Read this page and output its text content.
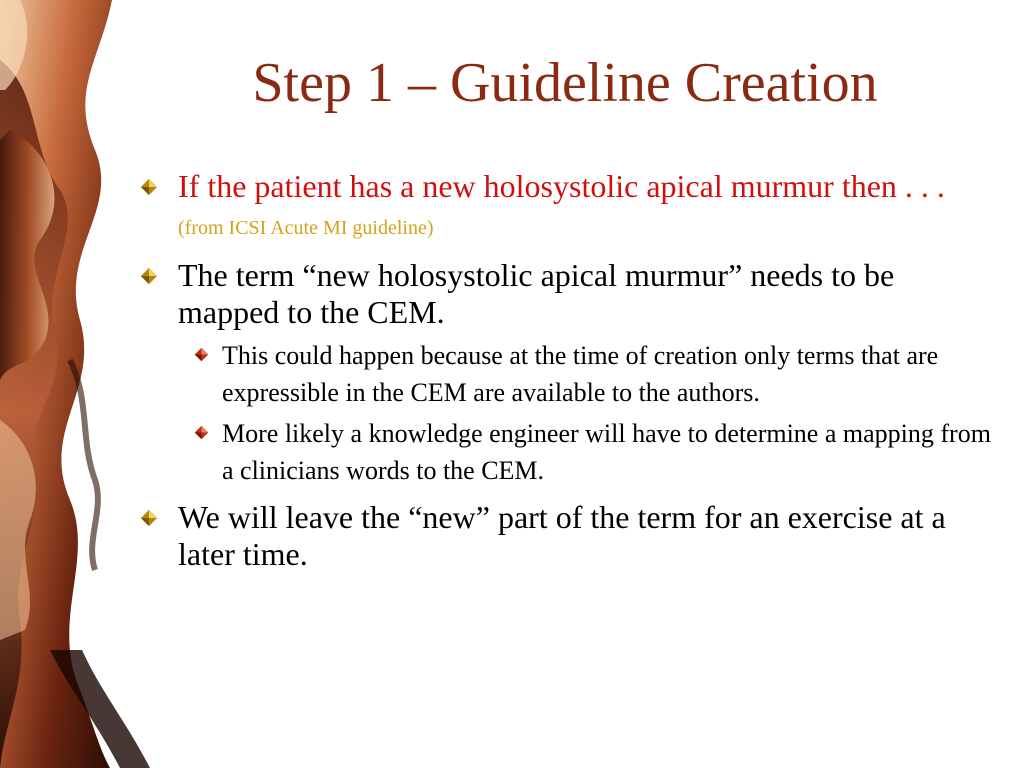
Step 1 – Guideline Creation
If the patient has a new holosystolic apical murmur then . . . (from ICSI Acute MI guideline)
The term “new holosystolic apical murmur” needs to be mapped to the CEM.
This could happen because at the time of creation only terms that are expressible in the CEM are available to the authors.
More likely a knowledge engineer will have to determine a mapping from a clinicians words to the CEM.
We will leave the “new” part of the term for an exercise at a later time.
